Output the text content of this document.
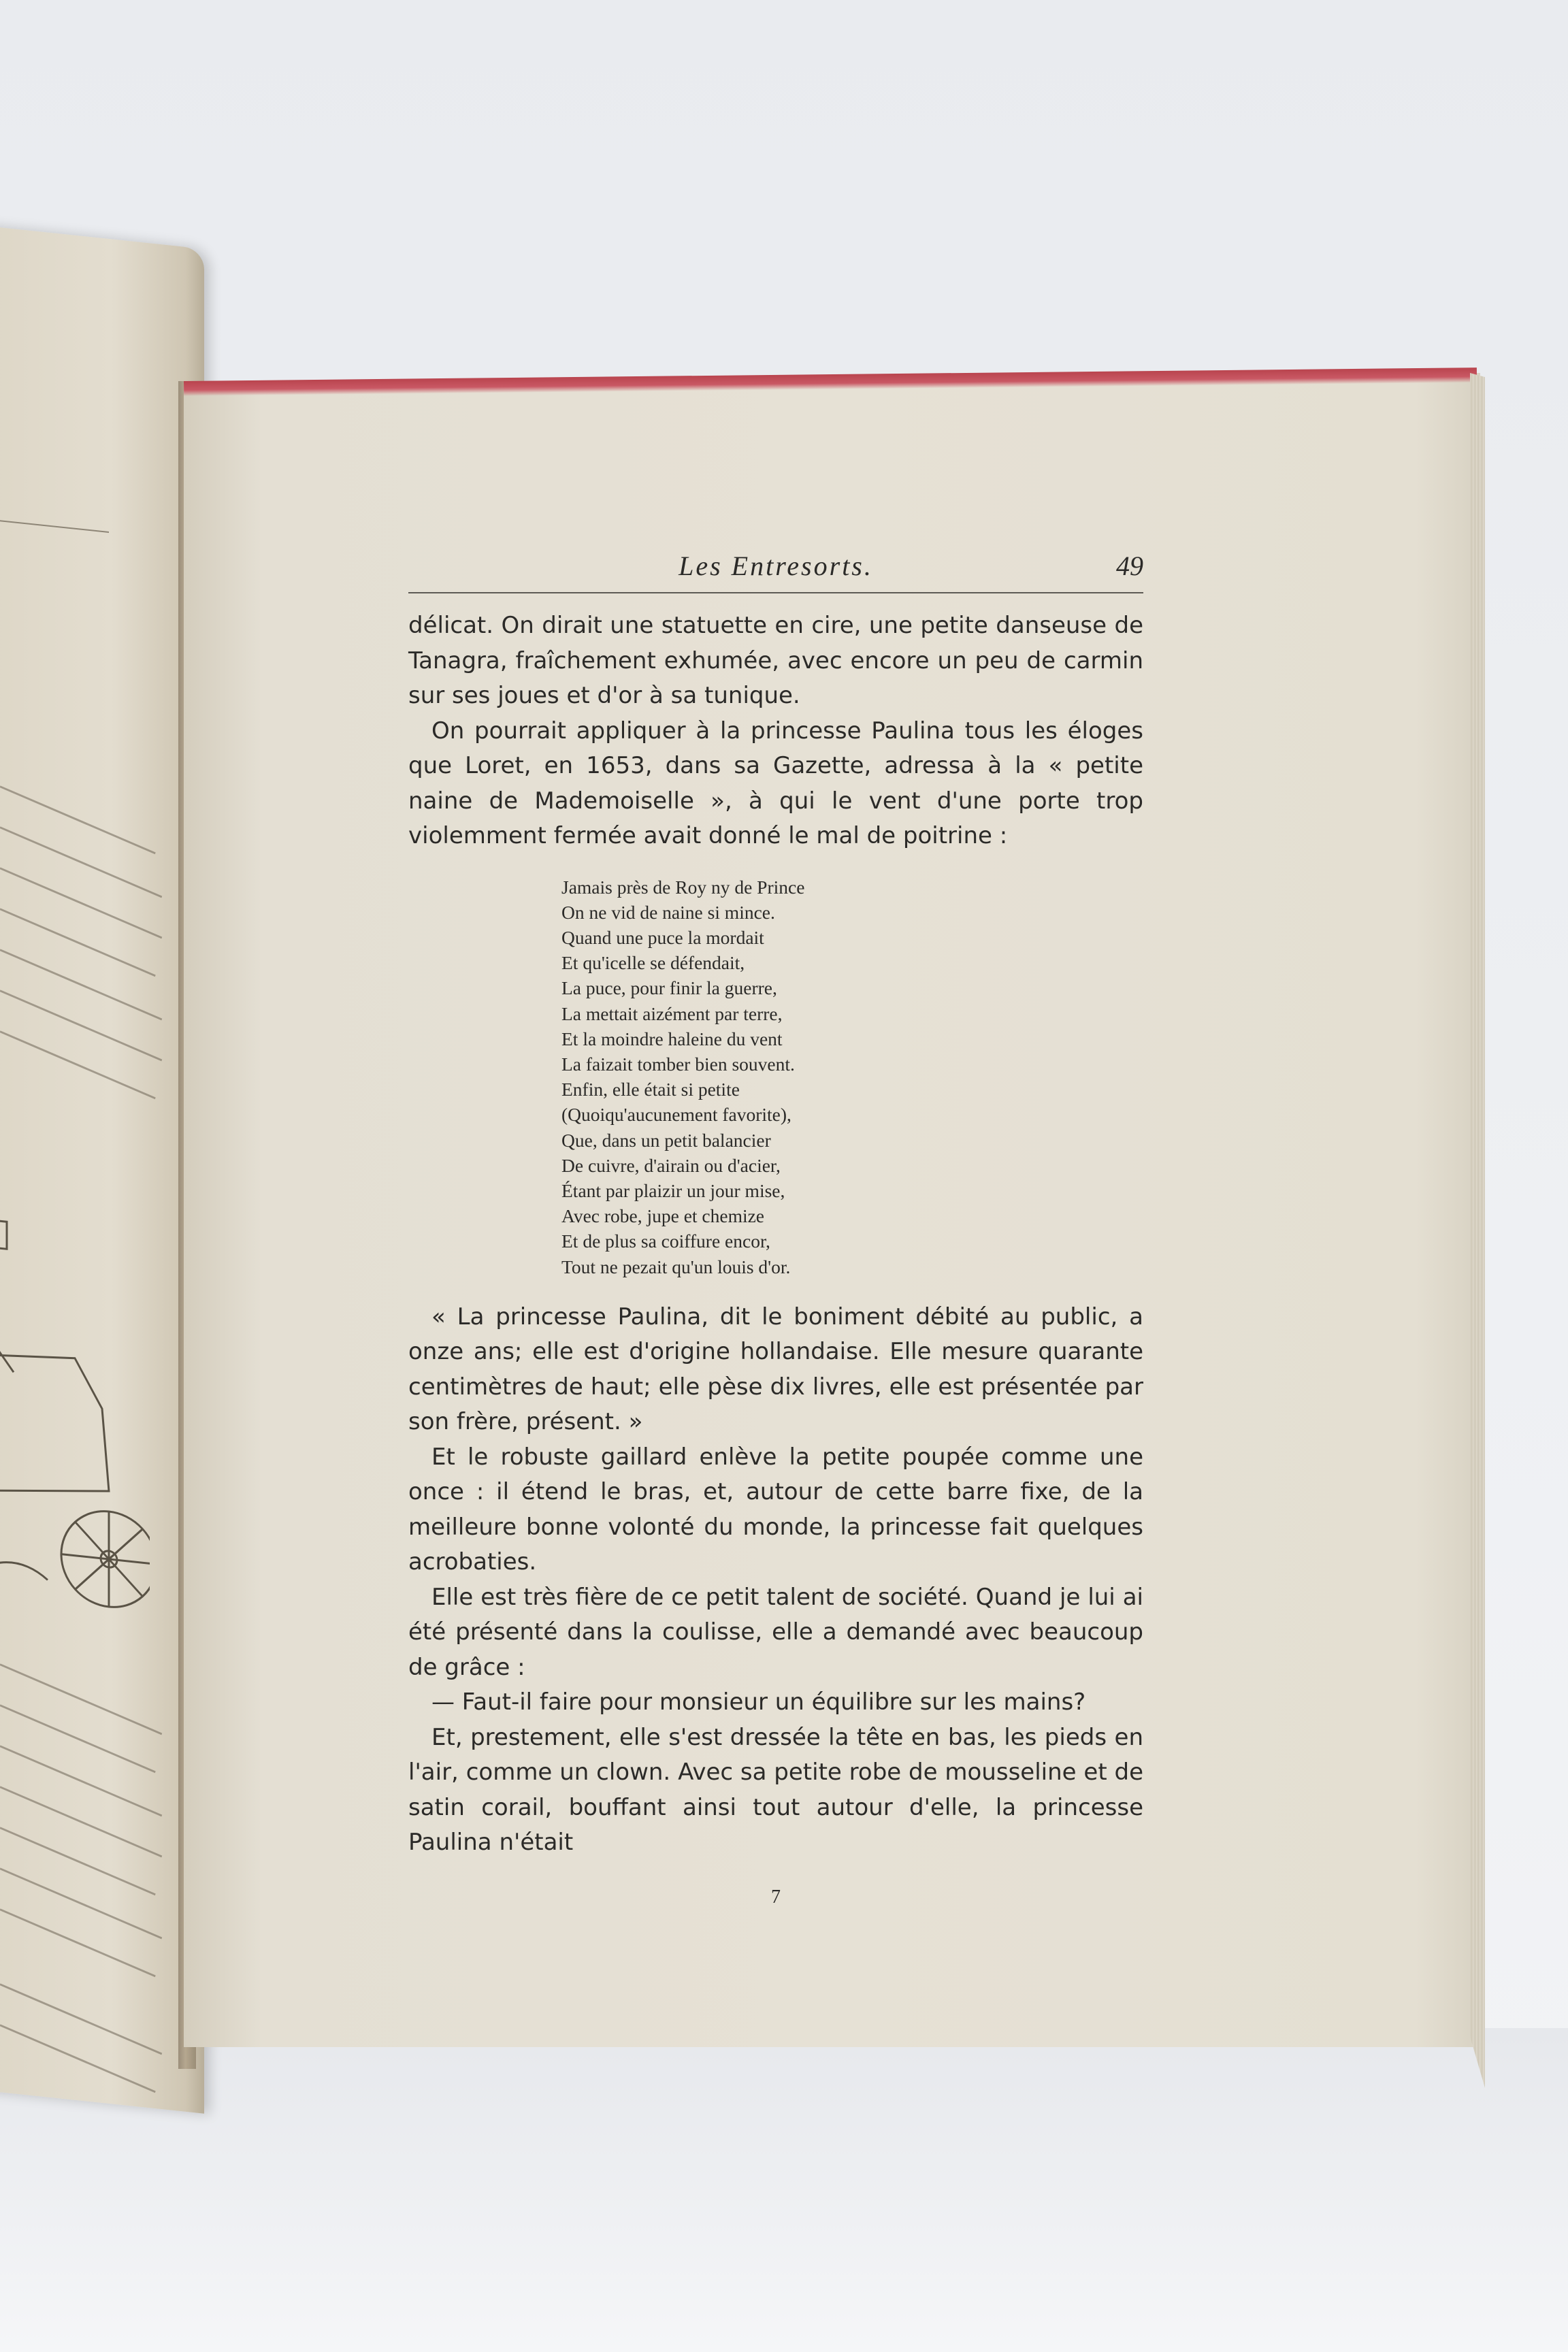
Les Entresorts.	49

délicat. On dirait une statuette en cire, une petite danseuse de Tanagra, fraîchement exhumée, avec encore un peu de carmin sur ses joues et d'or à sa tunique.

On pourrait appliquer à la princesse Paulina tous les éloges que Loret, en 1653, dans sa Gazette, adressa à la « petite naine de Mademoiselle », à qui le vent d'une porte trop violemment fermée avait donné le mal de poitrine :

Jamais près de Roy ny de Prince
On ne vid de naine si mince.
Quand une puce la mordait
Et qu'icelle se défendait,
La puce, pour finir la guerre,
La mettait aizément par terre,
Et la moindre haleine du vent
La faizait tomber bien souvent.
Enfin, elle était si petite
(Quoiqu'aucunement favorite),
Que, dans un petit balancier
De cuivre, d'airain ou d'acier,
Étant par plaizir un jour mise,
Avec robe, jupe et chemize
Et de plus sa coiffure encor,
Tout ne pezait qu'un louis d'or.

« La princesse Paulina, dit le boniment débité au public, a onze ans; elle est d'origine hollandaise. Elle mesure quarante centimètres de haut; elle pèse dix livres, elle est présentée par son frère, présent. »

Et le robuste gaillard enlève la petite poupée comme une once : il étend le bras, et, autour de cette barre fixe, de la meilleure bonne volonté du monde, la princesse fait quelques acrobaties.

Elle est très fière de ce petit talent de société. Quand je lui ai été présenté dans la coulisse, elle a demandé avec beaucoup de grâce :

— Faut-il faire pour monsieur un équilibre sur les mains?

Et, prestement, elle s'est dressée la tête en bas, les pieds en l'air, comme un clown. Avec sa petite robe de mousseline et de satin corail, bouffant ainsi tout autour d'elle, la princesse Paulina n'était

7
